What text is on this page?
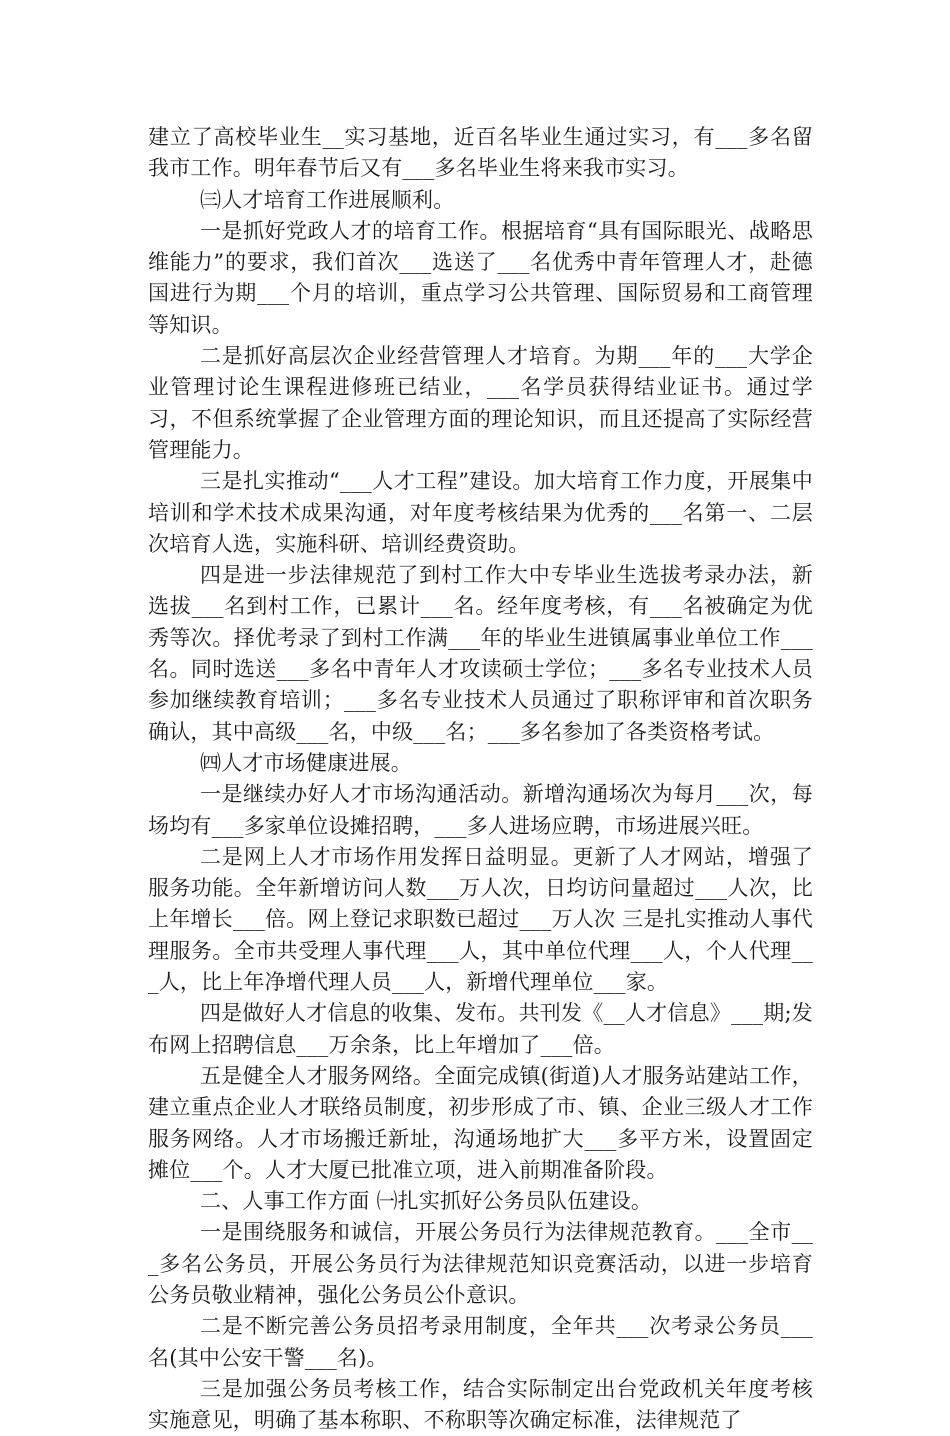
建立了高校毕业生__实习基地，近百名毕业生通过实习，有___多名留我市工作。明年春节后又有___多名毕业生将来我市实习。

㈢人才培育工作进展顺利。

一是抓好党政人才的培育工作。根据培育“具有国际眼光、战略思维能力”的要求，我们首次___选送了___名优秀中青年管理人才，赴德国进行为期___个月的培训，重点学习公共管理、国际贸易和工商管理等知识。

二是抓好高层次企业经营管理人才培育。为期___年的___大学企业管理讨论生课程进修班已结业，___名学员获得结业证书。通过学习，不但系统掌握了企业管理方面的理论知识，而且还提高了实际经营管理能力。

三是扎实推动“___人才工程”建设。加大培育工作力度，开展集中培训和学术技术成果沟通，对年度考核结果为优秀的___名第一、二层次培育人选，实施科研、培训经费资助。

四是进一步法律规范了到村工作大中专毕业生选拔考录办法，新选拔___名到村工作，已累计___名。经年度考核，有___名被确定为优秀等次。择优考录了到村工作满___年的毕业生进镇属事业单位工作___名。同时选送___多名中青年人才攻读硕士学位；___多名专业技术人员参加继续教育培训；___多名专业技术人员通过了职称评审和首次职务确认，其中高级___名，中级___名；___多名参加了各类资格考试。

㈣人才市场健康进展。

一是继续办好人才市场沟通活动。新增沟通场次为每月___次，每场均有___多家单位设摊招聘，___多人进场应聘，市场进展兴旺。

二是网上人才市场作用发挥日益明显。更新了人才网站，增强了服务功能。全年新增访问人数___万人次，日均访问量超过___人次，比上年增长___倍。网上登记求职数已超过___万人次 三是扎实推动人事代理服务。全市共受理人事代理___人，其中单位代理___人，个人代理___人，比上年净增代理人员___人，新增代理单位___家。

四是做好人才信息的收集、发布。共刊发《__人才信息》___期;发布网上招聘信息___万余条，比上年增加了___倍。

五是健全人才服务网络。全面完成镇(街道)人才服务站建站工作，建立重点企业人才联络员制度，初步形成了市、镇、企业三级人才工作服务网络。人才市场搬迁新址，沟通场地扩大___多平方米，设置固定摊位___个。人才大厦已批准立项，进入前期准备阶段。

二、人事工作方面 ㈠扎实抓好公务员队伍建设。

一是围绕服务和诚信，开展公务员行为法律规范教育。___全市___多名公务员，开展公务员行为法律规范知识竞赛活动，以进一步培育公务员敬业精神，强化公务员公仆意识。

二是不断完善公务员招考录用制度，全年共___次考录公务员___名(其中公安干警___名)。

三是加强公务员考核工作，结合实际制定出台党政机关年度考核实施意见，明确了基本称职、不称职等次确定标准，法律规范了
